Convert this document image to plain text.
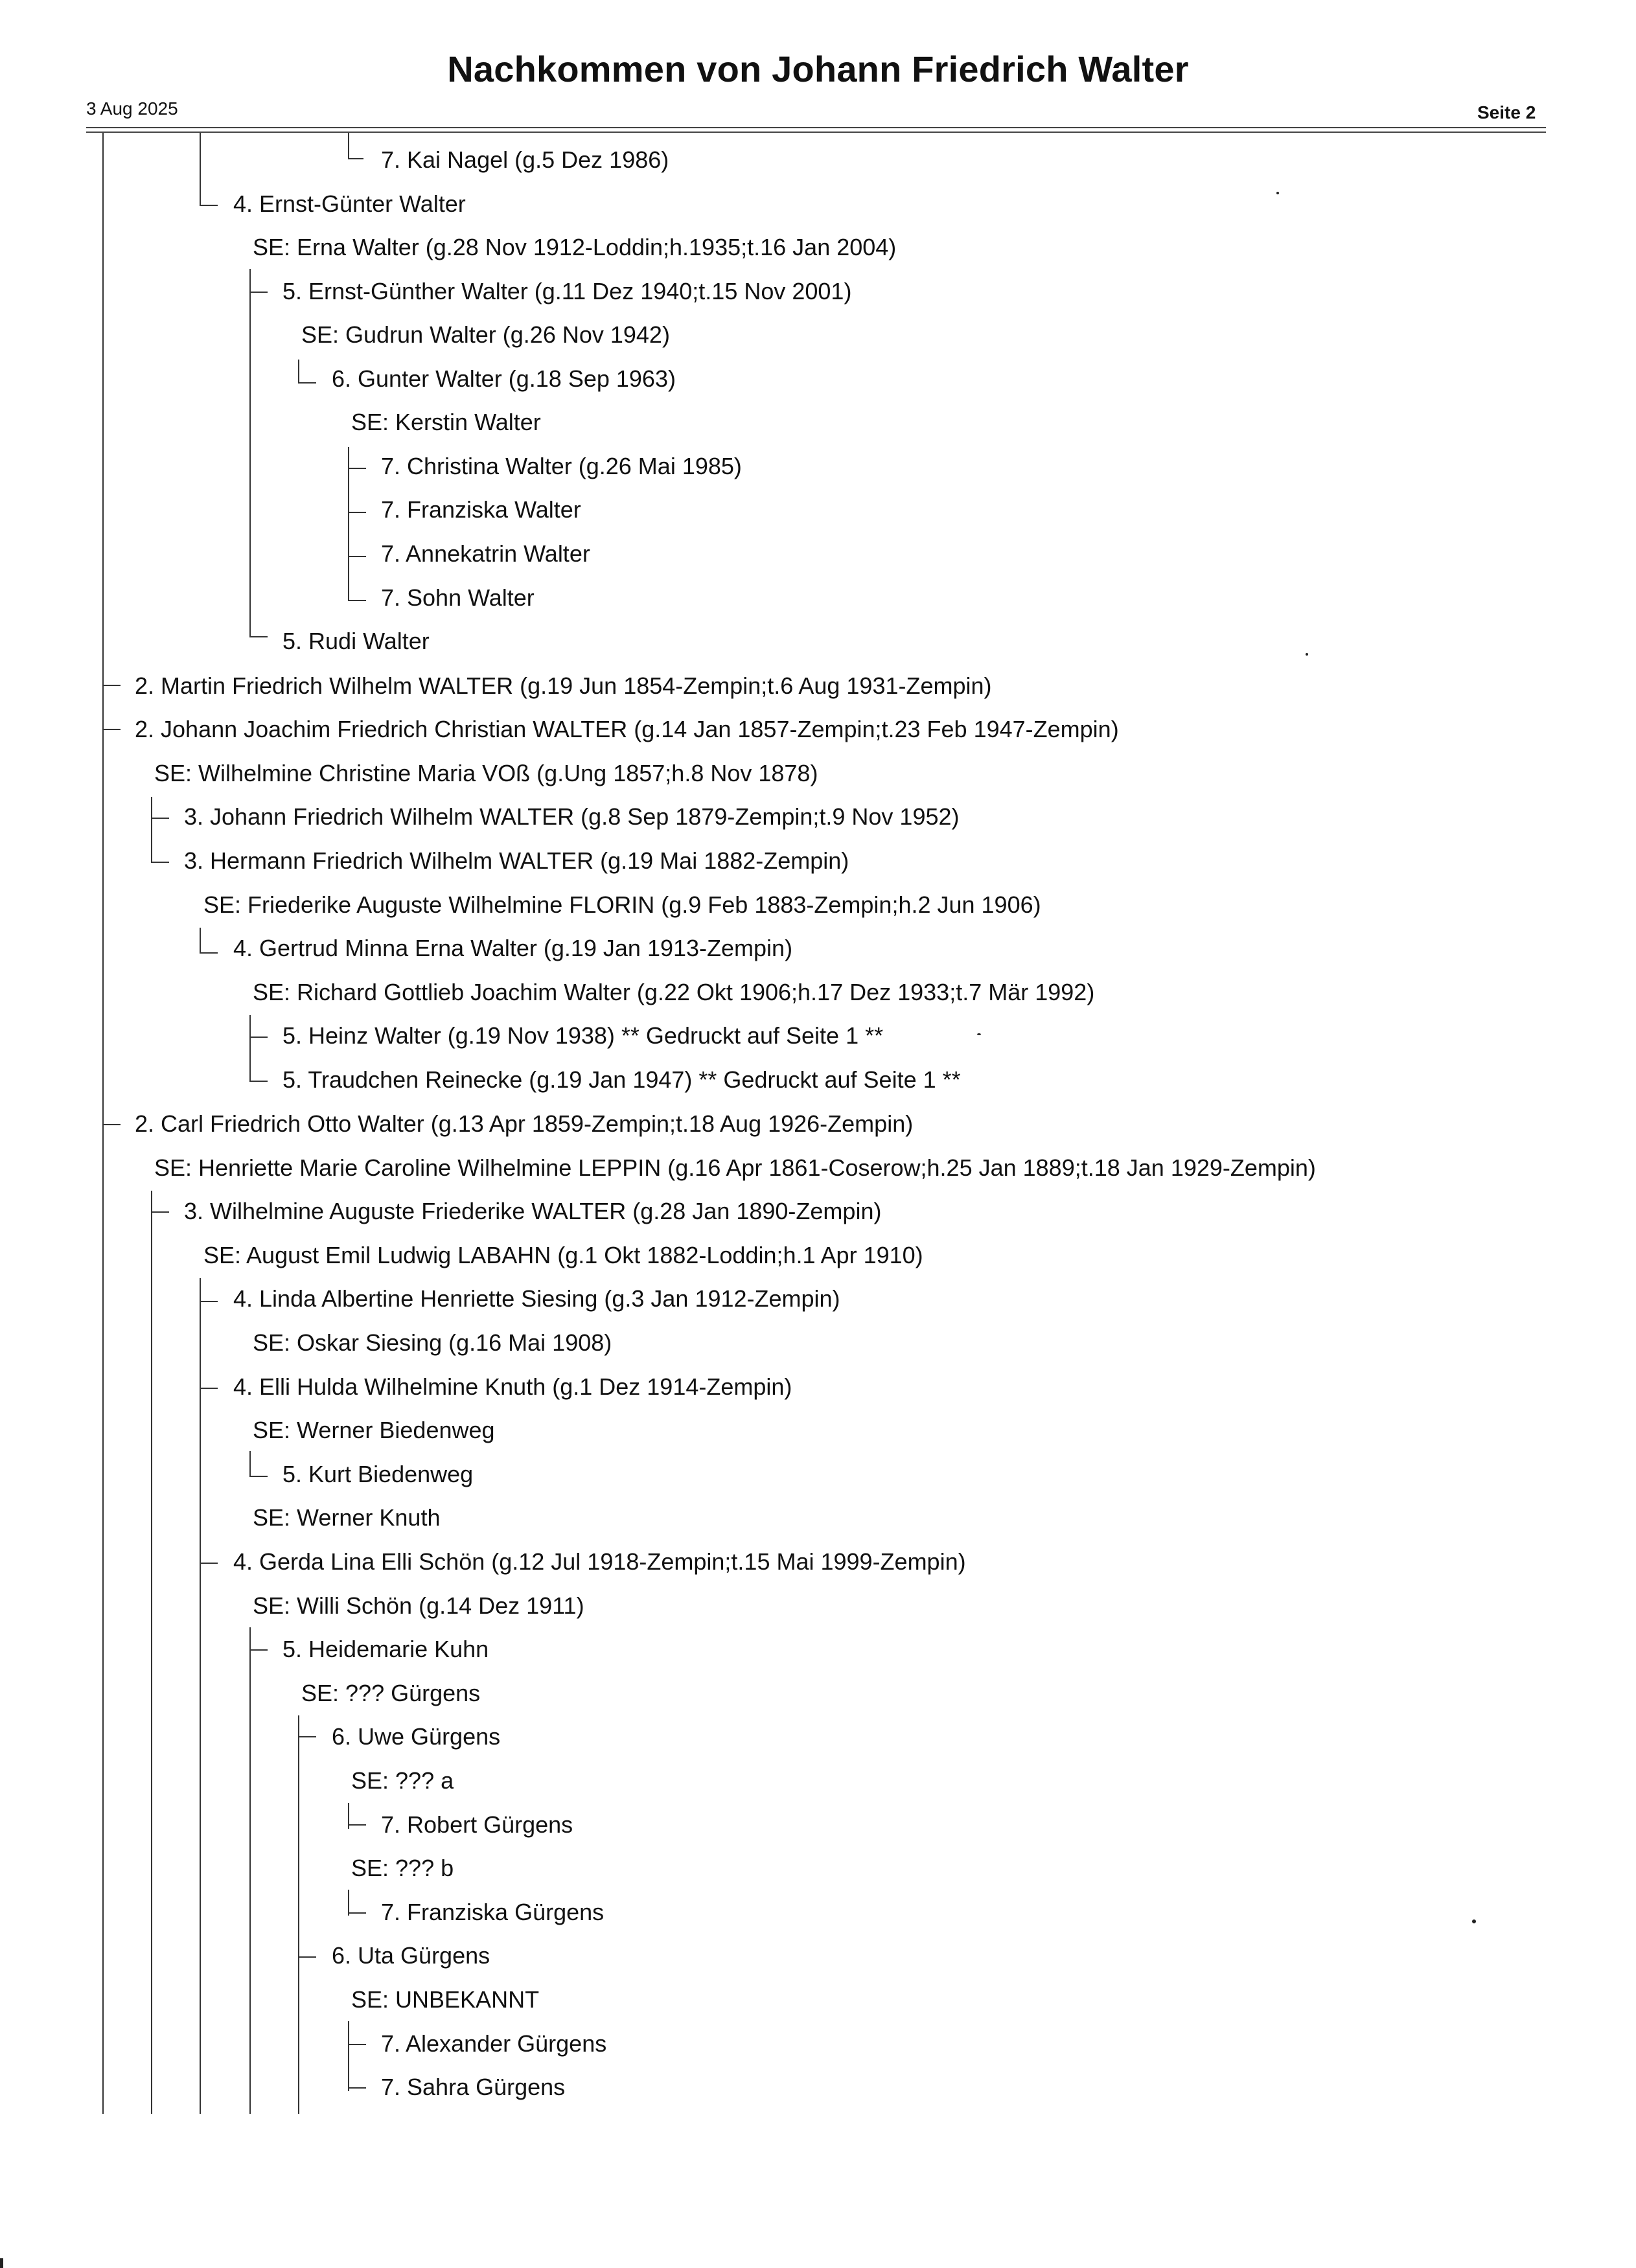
Nachkommen von Johann Friedrich Walter
3 Aug 2025	Seite 2
7. Kai Nagel (g.5 Dez 1986)
4. Ernst-Günter Walter
SE: Erna Walter (g.28 Nov 1912-Loddin;h.1935;t.16 Jan 2004)
5. Ernst-Günther Walter (g.11 Dez 1940;t.15 Nov 2001)
SE: Gudrun Walter (g.26 Nov 1942)
6. Gunter Walter (g.18 Sep 1963)
SE: Kerstin Walter
7. Christina Walter (g.26 Mai 1985)
7. Franziska Walter
7. Annekatrin Walter
7. Sohn Walter
5. Rudi Walter
2. Martin Friedrich Wilhelm WALTER (g.19 Jun 1854-Zempin;t.6 Aug 1931-Zempin)
2. Johann Joachim Friedrich Christian WALTER (g.14 Jan 1857-Zempin;t.23 Feb 1947-Zempin)
SE: Wilhelmine Christine Maria VOß (g.Ung 1857;h.8 Nov 1878)
3. Johann Friedrich Wilhelm WALTER (g.8 Sep 1879-Zempin;t.9 Nov 1952)
3. Hermann Friedrich Wilhelm WALTER (g.19 Mai 1882-Zempin)
SE: Friederike Auguste Wilhelmine FLORIN (g.9 Feb 1883-Zempin;h.2 Jun 1906)
4. Gertrud Minna Erna Walter (g.19 Jan 1913-Zempin)
SE: Richard Gottlieb Joachim Walter (g.22 Okt 1906;h.17 Dez 1933;t.7 Mär 1992)
5. Heinz Walter (g.19 Nov 1938) ** Gedruckt auf Seite 1 **
5. Traudchen Reinecke (g.19 Jan 1947) ** Gedruckt auf Seite 1 **
2. Carl Friedrich Otto Walter (g.13 Apr 1859-Zempin;t.18 Aug 1926-Zempin)
SE: Henriette Marie Caroline Wilhelmine LEPPIN (g.16 Apr 1861-Coserow;h.25 Jan 1889;t.18 Jan 1929-Zempin)
3. Wilhelmine Auguste Friederike WALTER (g.28 Jan 1890-Zempin)
SE: August Emil Ludwig LABAHN (g.1 Okt 1882-Loddin;h.1 Apr 1910)
4. Linda Albertine Henriette Siesing (g.3 Jan 1912-Zempin)
SE: Oskar Siesing (g.16 Mai 1908)
4. Elli Hulda Wilhelmine Knuth (g.1 Dez 1914-Zempin)
SE: Werner Biedenweg
5. Kurt Biedenweg
SE: Werner Knuth
4. Gerda Lina Elli Schön (g.12 Jul 1918-Zempin;t.15 Mai 1999-Zempin)
SE: Willi Schön (g.14 Dez 1911)
5. Heidemarie Kuhn
SE: ??? Gürgens
6. Uwe Gürgens
SE: ??? a
7. Robert Gürgens
SE: ??? b
7. Franziska Gürgens
6. Uta Gürgens
SE: UNBEKANNT
7. Alexander Gürgens
7. Sahra Gürgens
